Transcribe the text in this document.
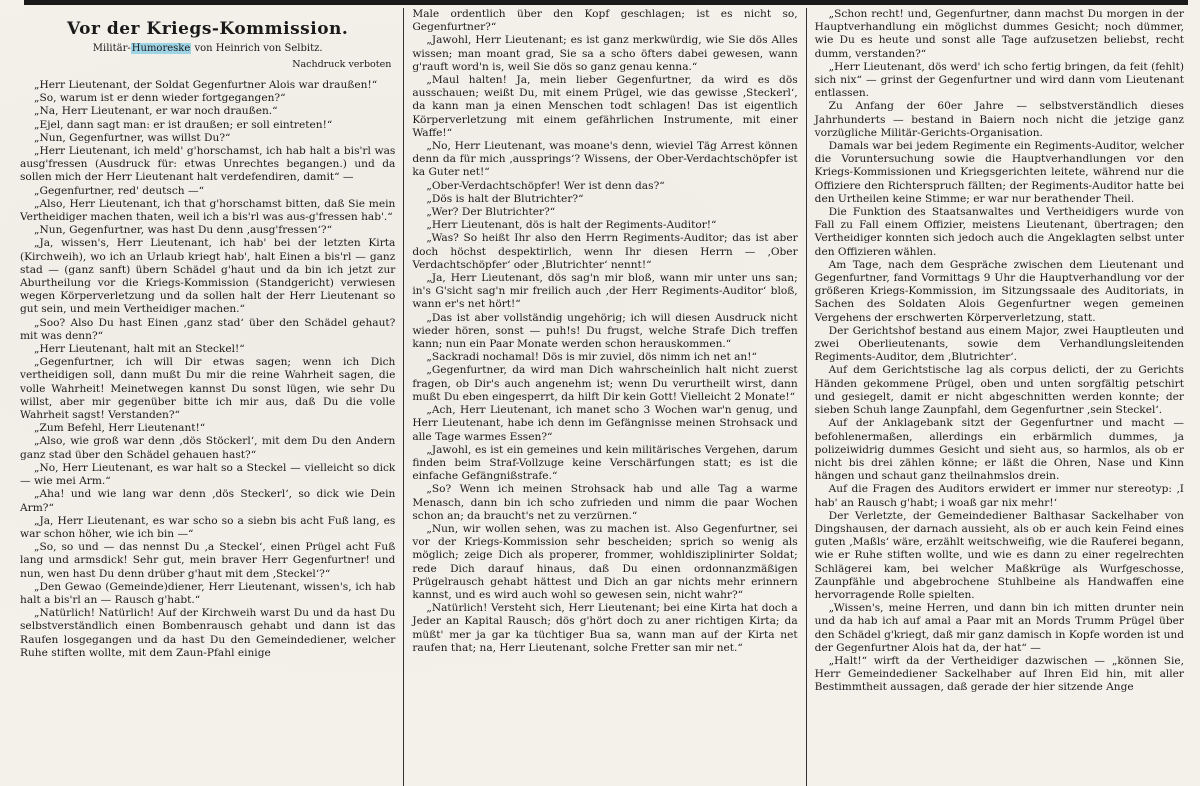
Vor der Kriegs-Kommission.
Militär-Humoreske von Heinrich von Selbitz.
Nachdruck verboten

„Herr Lieutenant, der Soldat Gegenfurtner Alois war draußen!“

„So, warum ist er denn wieder fortgegangen?“

„Na, Herr Lieutenant, er war noch draußen.“

„Ejel, dann sagt man: er ist draußen; er soll eintreten!“

„Nun, Gegenfurtner, was willst Du?“

„Herr Lieutenant, ich meld' g'horschamst, ich hab halt a bis'rl was ausg'fressen (Ausdruck für: etwas Unrechtes begangen.) und da sollen mich der Herr Lieutenant halt verdefendiren, damit“ —

„Gegenfurtner, red' deutsch —“

„Also, Herr Lieutenant, ich that g'horschamst bitten, daß Sie mein Vertheidiger machen thaten, weil ich a bis'rl was aus-g'fressen hab'.“

„Nun, Gegenfurtner, was hast Du denn ‚ausg'fressen‘?“

„Ja, wissen's, Herr Lieutenant, ich hab' bei der letzten Kirta (Kirchweih), wo ich an Urlaub kriegt hab', halt Einen a bis'rl — ganz stad — (ganz sanft) übern Schädel g'haut und da bin ich jetzt zur Aburtheilung vor die Kriegs-Kommission (Standgericht) verwiesen wegen Körperverletzung und da sollen halt der Herr Lieutenant so gut sein, und mein Vertheidiger machen.“

„Soo? Also Du hast Einen ‚ganz stad‘ über den Schädel gehaut? mit was denn?“

„Herr Lieutenant, halt mit an Steckel!“

„Gegenfurtner, ich will Dir etwas sagen; wenn ich Dich vertheidigen soll, dann mußt Du mir die reine Wahrheit sagen, die volle Wahrheit! Meinetwegen kannst Du sonst lügen, wie sehr Du willst, aber mir gegenüber bitte ich mir aus, daß Du die volle Wahrheit sagst! Verstanden?“

„Zum Befehl, Herr Lieutenant!“

„Also, wie groß war denn ‚dös Stöckerl‘, mit dem Du den Andern ganz stad über den Schädel gehauen hast?“

„No, Herr Lieutenant, es war halt so a Steckel — vielleicht so dick — wie mei Arm.“

„Aha! und wie lang war denn ‚dös Steckerl‘, so dick wie Dein Arm?“

„Ja, Herr Lieutenant, es war scho so a siebn bis acht Fuß lang, es war schon höher, wie ich bin —“

„So, so und — das nennst Du ‚a Steckel‘, einen Prügel acht Fuß lang und armsdick! Sehr gut, mein braver Herr Gegenfurtner! und nun, wen hast Du denn drüber g'haut mit dem ‚Steckel‘?“

„Den Gewao (Gemeinde)diener, Herr Lieutenant, wissen's, ich hab halt a bis'rl an — Rausch g'habt.“

„Natürlich! Natürlich! Auf der Kirchweih warst Du und da hast Du selbstverständlich einen Bombenrausch gehabt und dann ist das Raufen losgegangen und da hast Du den Gemeindediener, welcher Ruhe stiften wollte, mit dem Zaun-Pfahl einige

Male ordentlich über den Kopf geschlagen; ist es nicht so, Gegenfurtner?“

„Jawohl, Herr Lieutenant; es ist ganz merkwürdig, wie Sie dös Alles wissen; man moant grad, Sie sa a scho öfters dabei gewesen, wann g'rauft word'n is, weil Sie dös so ganz genau kenna.“

„Maul halten! Ja, mein lieber Gegenfurtner, da wird es dös ausschauen; weißt Du, mit einem Prügel, wie das gewisse ‚Steckerl‘, da kann man ja einen Menschen todt schlagen! Das ist eigentlich Körperverletzung mit einem gefährlichen Instrumente, mit einer Waffe!“

„No, Herr Lieutenant, was moane's denn, wieviel Täg Arrest können denn da für mich ‚aussprings‘? Wissens, der Ober-Verdachtschöpfer ist ka Guter net!“

„Ober-Verdachtschöpfer! Wer ist denn das?“

„Dös is halt der Blutrichter?“

„Wer? Der Blutrichter?“

„Herr Lieutenant, dös is halt der Regiments-Auditor!“

„Was? So heißt Ihr also den Herrn Regiments-Auditor; das ist aber doch höchst despektirlich, wenn Ihr diesen Herrn — ‚Ober Verdachtschöpfer‘ oder ‚Blutrichter‘ nennt!“

„Ja, Herr Lieutenant, dös sag'n mir bloß, wann mir unter uns san; in's G'sicht sag'n mir freilich auch ‚der Herr Regiments-Auditor‘ bloß, wann er's net hört!“

„Das ist aber vollständig ungehörig; ich will diesen Ausdruck nicht wieder hören, sonst — puh!s! Du frugst, welche Strafe Dich treffen kann; nun ein Paar Monate werden schon herauskommen.“

„Sackradi nochamal! Dös is mir zuviel, dös nimm ich net an!“

„Gegenfurtner, da wird man Dich wahrscheinlich halt nicht zuerst fragen, ob Dir's auch angenehm ist; wenn Du verurtheilt wirst, dann mußt Du eben eingesperrt, da hilft Dir kein Gott! Vielleicht 2 Monate!“

„Ach, Herr Lieutenant, ich manet scho 3 Wochen war'n genug, und Herr Lieutenant, habe ich denn im Gefängnisse meinen Strohsack und alle Tage warmes Essen?“

„Jawohl, es ist ein gemeines und kein militärisches Vergehen, darum finden beim Straf-Vollzuge keine Verschärfungen statt; es ist die einfache Gefängnißstrafe.“

„So? Wenn ich meinen Strohsack hab und alle Tag a warme Menasch, dann bin ich scho zufrieden und nimm die paar Wochen schon an; da braucht's net zu verzürnen.“

„Nun, wir wollen sehen, was zu machen ist. Also Gegenfurtner, sei vor der Kriegs-Kommission sehr bescheiden; sprich so wenig als möglich; zeige Dich als properer, frommer, wohldisziplinirter Soldat; rede Dich darauf hinaus, daß Du einen ordonnanzmäßigen Prügelrausch gehabt hättest und Dich an gar nichts mehr erinnern kannst, und es wird auch wohl so gewesen sein, nicht wahr?“

„Natürlich! Versteht sich, Herr Lieutenant; bei eine Kirta hat doch a Jeder an Kapital Rausch; dös g'hört doch zu aner richtigen Kirta; da müßt' mer ja gar ka tüchtiger Bua sa, wann man auf der Kirta net raufen that; na, Herr Lieutenant, solche Fretter san mir net.“

„Schon recht! und, Gegenfurtner, dann machst Du morgen in der Hauptverhandlung ein möglichst dummes Gesicht; noch dümmer, wie Du es heute und sonst alle Tage aufzusetzen beliebst, recht dumm, verstanden?“

„Herr Lieutenant, dös werd' ich scho fertig bringen, da feit (fehlt) sich nix“ — grinst der Gegenfurtner und wird dann vom Lieutenant entlassen.

Zu Anfang der 60er Jahre — selbstverständlich dieses Jahrhunderts — bestand in Baiern noch nicht die jetzige ganz vorzügliche Militär-Gerichts-Organisation.

Damals war bei jedem Regimente ein Regiments-Auditor, welcher die Voruntersuchung sowie die Hauptverhandlungen vor den Kriegs-Kommissionen und Kriegsgerichten leitete, während nur die Offiziere den Richterspruch fällten; der Regiments-Auditor hatte bei den Urtheilen keine Stimme; er war nur berathender Theil.

Die Funktion des Staatsanwaltes und Vertheidigers wurde von Fall zu Fall einem Offizier, meistens Lieutenant, übertragen; den Vertheidiger konnten sich jedoch auch die Angeklagten selbst unter den Offizieren wählen.

Am Tage, nach dem Gespräche zwischen dem Lieutenant und Gegenfurtner, fand Vormittags 9 Uhr die Hauptverhandlung vor der größeren Kriegs-Kommission, im Sitzungssaale des Auditoriats, in Sachen des Soldaten Alois Gegenfurtner wegen gemeinen Vergehens der erschwerten Körperverletzung, statt.

Der Gerichtshof bestand aus einem Major, zwei Hauptleuten und zwei Oberlieutenants, sowie dem Verhandlungsleitenden Regiments-Auditor, dem ‚Blutrichter‘.

Auf dem Gerichtstische lag als corpus delicti, der zu Gerichts Händen gekommene Prügel, oben und unten sorgfältig petschirt und gesiegelt, damit er nicht abgeschnitten werden konnte; der sieben Schuh lange Zaunpfahl, dem Gegenfurtner ‚sein Steckel‘.

Auf der Anklagebank sitzt der Gegenfurtner und macht — befohlenermaßen, allerdings ein erbärmlich dummes, ja polizeiwidrig dummes Gesicht und sieht aus, so harmlos, als ob er nicht bis drei zählen könne; er läßt die Ohren, Nase und Kinn hängen und schaut ganz theilnahmslos drein.

Auf die Fragen des Auditors erwidert er immer nur stereotyp: ‚I hab' an Rausch g'habt; i woaß gar nix mehr!‘

Der Verletzte, der Gemeindediener Balthasar Sackelhaber von Dingshausen, der darnach aussieht, als ob er auch kein Feind eines guten ‚Maßls‘ wäre, erzählt weitschweifig, wie die Rauferei begann, wie er Ruhe stiften wollte, und wie es dann zu einer regelrechten Schlägerei kam, bei welcher Maßkrüge als Wurfgeschosse, Zaunpfähle und abgebrochene Stuhlbeine als Handwaffen eine hervorragende Rolle spielten.

„Wissen's, meine Herren, und dann bin ich mitten drunter nein und da hab ich auf amal a Paar mit an Mords Trumm Prügel über den Schädel g'kriegt, daß mir ganz damisch in Kopfe worden ist und der Gegenfurtner Alois hat da, der hat“ —

„Halt!“ wirft da der Vertheidiger dazwischen — „können Sie, Herr Gemeindediener Sackelhaber auf Ihren Eid hin, mit aller Bestimmtheit aussagen, daß gerade der hier sitzende Ange
